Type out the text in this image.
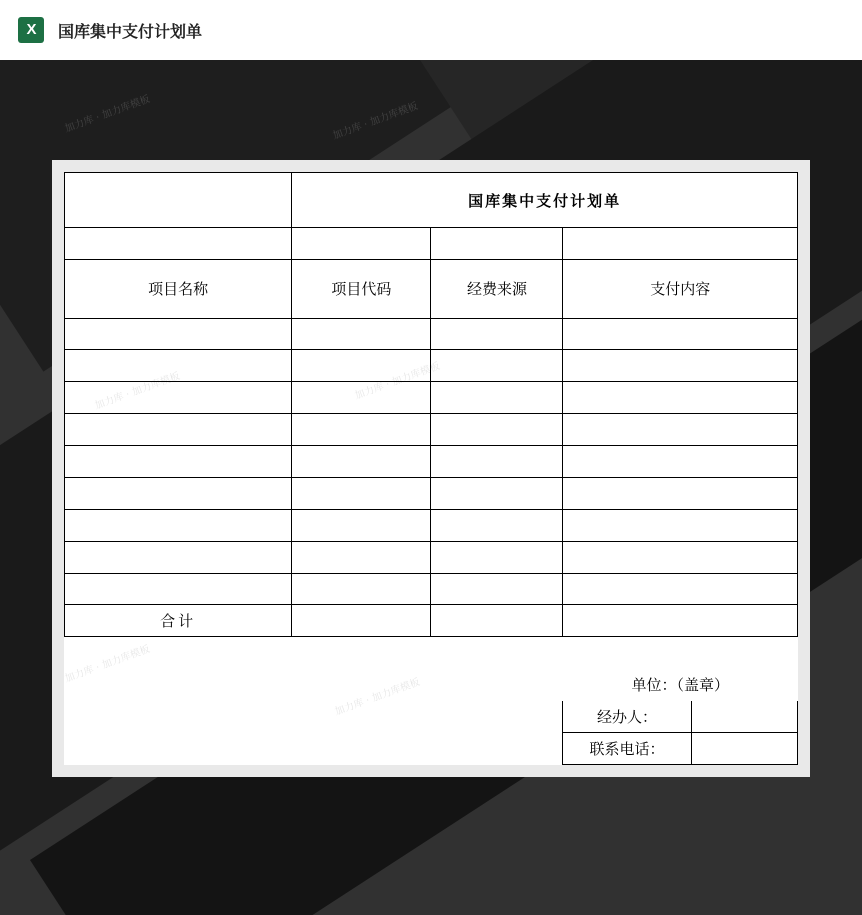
X 国库集中支付计划单
	国库集中支付计划单			

项目名称	项目代码	经费来源	支付内容	

合计				

			单位：（盖章）	
			经办人：	
			联系电话：	
